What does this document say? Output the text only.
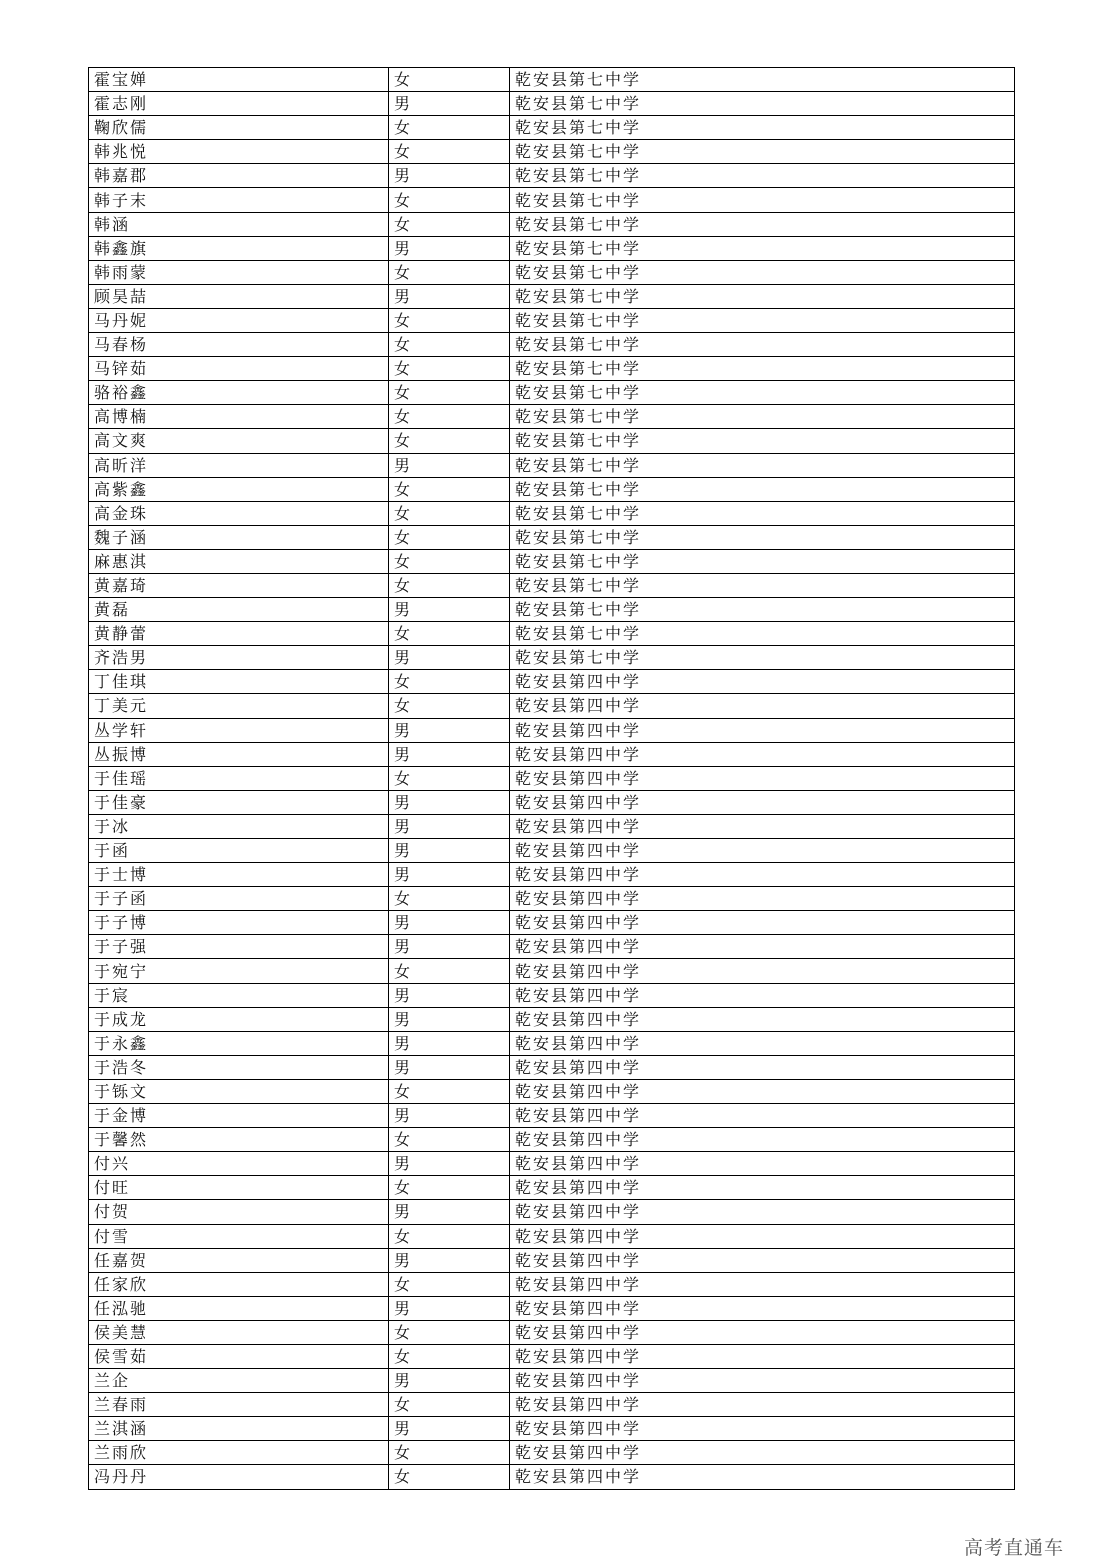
霍宝婵	女	乾安县第七中学
霍志刚	男	乾安县第七中学
鞠欣儒	女	乾安县第七中学
韩兆悦	女	乾安县第七中学
韩嘉郡	男	乾安县第七中学
韩子末	女	乾安县第七中学
韩涵	女	乾安县第七中学
韩鑫旗	男	乾安县第七中学
韩雨蒙	女	乾安县第七中学
顾昊喆	男	乾安县第七中学
马丹妮	女	乾安县第七中学
马春杨	女	乾安县第七中学
马锌茹	女	乾安县第七中学
骆裕鑫	女	乾安县第七中学
高博楠	女	乾安县第七中学
高文爽	女	乾安县第七中学
高昕洋	男	乾安县第七中学
高紫鑫	女	乾安县第七中学
高金珠	女	乾安县第七中学
魏子涵	女	乾安县第七中学
麻惠淇	女	乾安县第七中学
黄嘉琦	女	乾安县第七中学
黄磊	男	乾安县第七中学
黄静蕾	女	乾安县第七中学
齐浩男	男	乾安县第七中学
丁佳琪	女	乾安县第四中学
丁美元	女	乾安县第四中学
丛学轩	男	乾安县第四中学
丛振博	男	乾安县第四中学
于佳瑶	女	乾安县第四中学
于佳豪	男	乾安县第四中学
于冰	男	乾安县第四中学
于函	男	乾安县第四中学
于士博	男	乾安县第四中学
于子函	女	乾安县第四中学
于子博	男	乾安县第四中学
于子强	男	乾安县第四中学
于宛宁	女	乾安县第四中学
于宸	男	乾安县第四中学
于成龙	男	乾安县第四中学
于永鑫	男	乾安县第四中学
于浩冬	男	乾安县第四中学
于铄文	女	乾安县第四中学
于金博	男	乾安县第四中学
于馨然	女	乾安县第四中学
付兴	男	乾安县第四中学
付旺	女	乾安县第四中学
付贺	男	乾安县第四中学
付雪	女	乾安县第四中学
任嘉贺	男	乾安县第四中学
任家欣	女	乾安县第四中学
任泓驰	男	乾安县第四中学
侯美慧	女	乾安县第四中学
侯雪茹	女	乾安县第四中学
兰企	男	乾安县第四中学
兰春雨	女	乾安县第四中学
兰淇涵	男	乾安县第四中学
兰雨欣	女	乾安县第四中学
冯丹丹	女	乾安县第四中学
高考直通车
